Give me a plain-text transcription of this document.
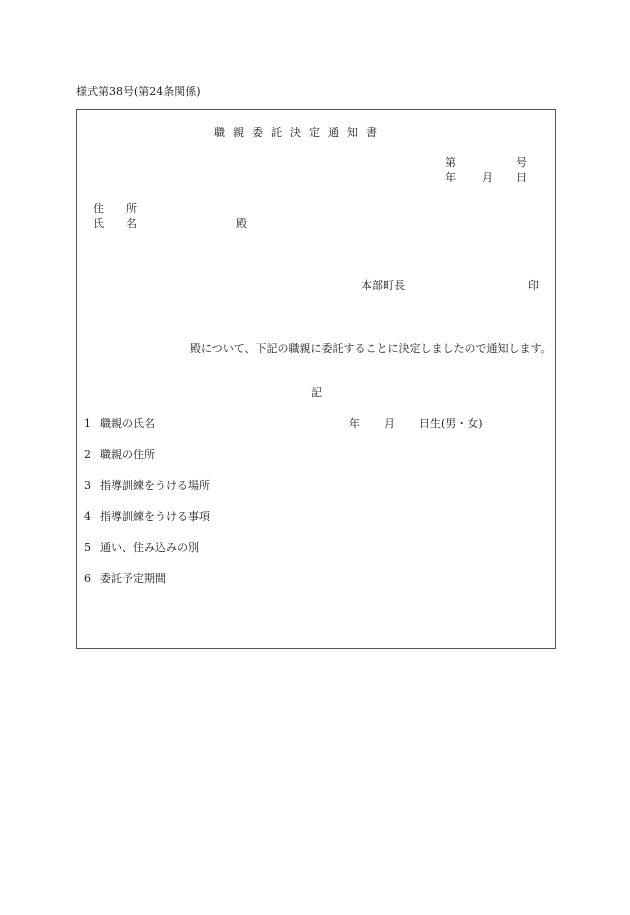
様式第38号(第24条関係)
職親委託決定通知書
第	号
年 月 日
住　　所
氏　　名	殿
本部町長	印
殿について、下記の職親に委託することに決定しましたので通知します。
記
1 職親の氏名	年 月 日生(男・女)
2 職親の住所
3 指導訓練をうける場所
4 指導訓練をうける事項
5 通い、住み込みの別
6 委託予定期間
